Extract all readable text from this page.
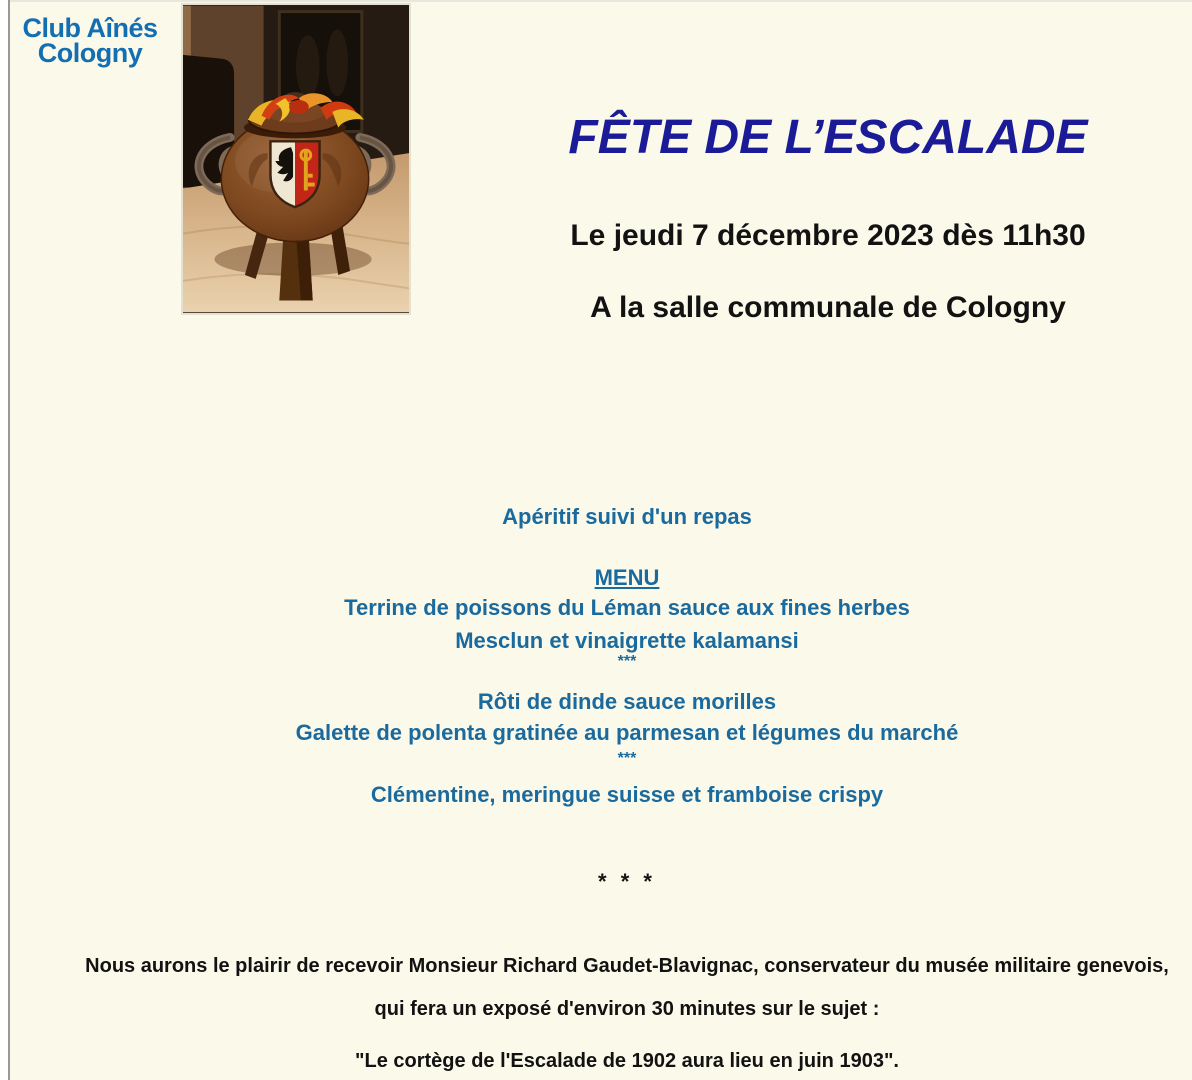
Club Aînés
Cologny
FÊTE DE L’ESCALADE
Le jeudi 7 décembre 2023 dès 11h30
A la salle communale de Cologny
Apéritif suivi d'un repas
MENU
Terrine de poissons du Léman sauce aux fines herbes
Mesclun et vinaigrette kalamansi
***
Rôti de dinde sauce morilles
Galette de polenta gratinée au parmesan et légumes du marché
***
Clémentine, meringue suisse et framboise crispy
* * *
Nous aurons le plairir de recevoir Monsieur Richard Gaudet-Blavignac, conservateur du musée militaire genevois,
qui fera un exposé d'environ 30 minutes sur le sujet :
"Le cortège de l'Escalade de 1902 aura lieu en juin 1903".
